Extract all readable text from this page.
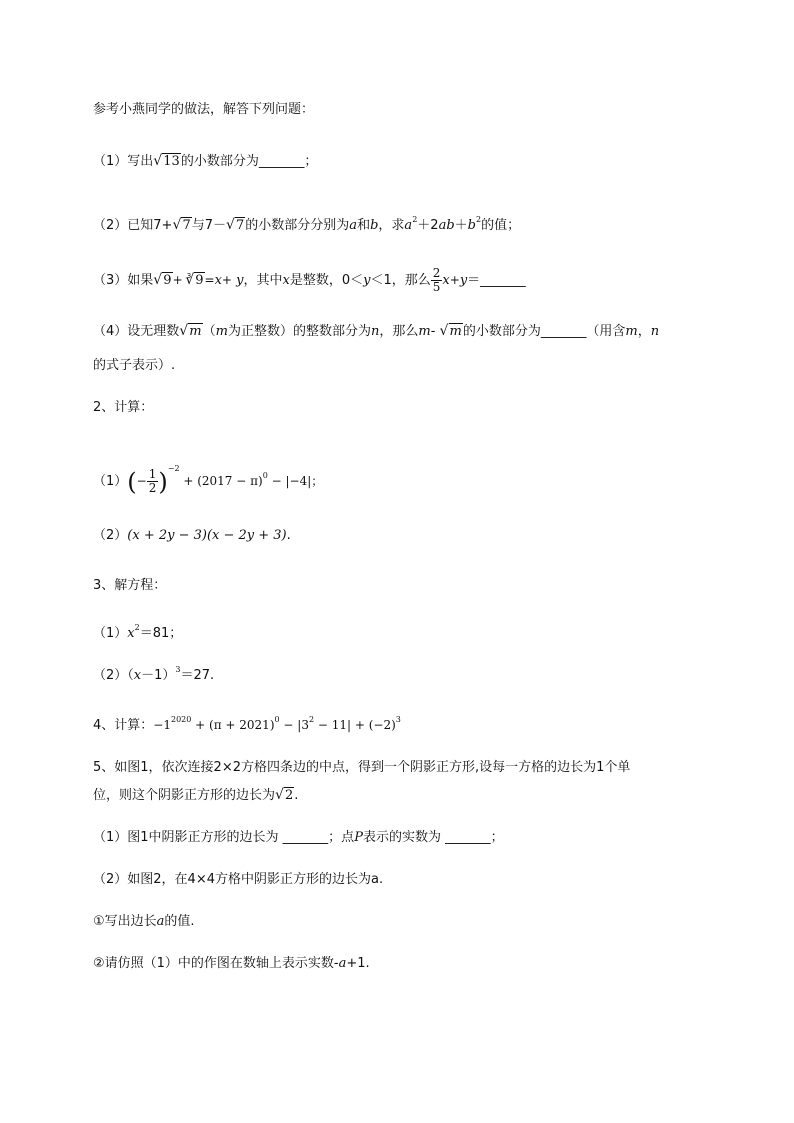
参考小燕同学的做法，解答下列问题：
（1）写出 √ 13的小数部分为_______；
（2）已知7+ √ 7与7－ √ 7的小数部分分别为a和b，求$a^2+2ab+b^2$的值；
（3）如果 √ 9+ $^3$ √ 9=x+ y，其中x是整数，0＜y＜1，那么 $\frac{2}{5}$ x+y＝_______
（4）设无理数 √ m（m为正整数）的整数部分为n，那么m- √ m的小数部分为_______（用含m，n
的式子表示）.
2、计算：
$(1)(- \frac{1}{2} )^{-2} + (2017 - \pi)^0 - |-4|$；
（2）(x + 2y − 3)(x − 2y + 3).
3、解方程：
$(1)x^2=81$；
$(2)(x-1)^3=27$.
4、计算：$-1^{2020} + (\pi + 2021)^0 - |3^2 - 11| + (-2)^3$
5、如图1，依次连接2×2方格四条边的中点，得到一个阴影正方形,设每一方格的边长为1个单
位，则这个阴影正方形的边长为 √ 2.
（1）图1中阴影正方形的边长为 _______；点P表示的实数为 _______；
（2）如图2，在4×4方格中阴影正方形的边长为a.
①写出边长a的值.
②请仿照（1）中的作图在数轴上表示实数-a+1.
